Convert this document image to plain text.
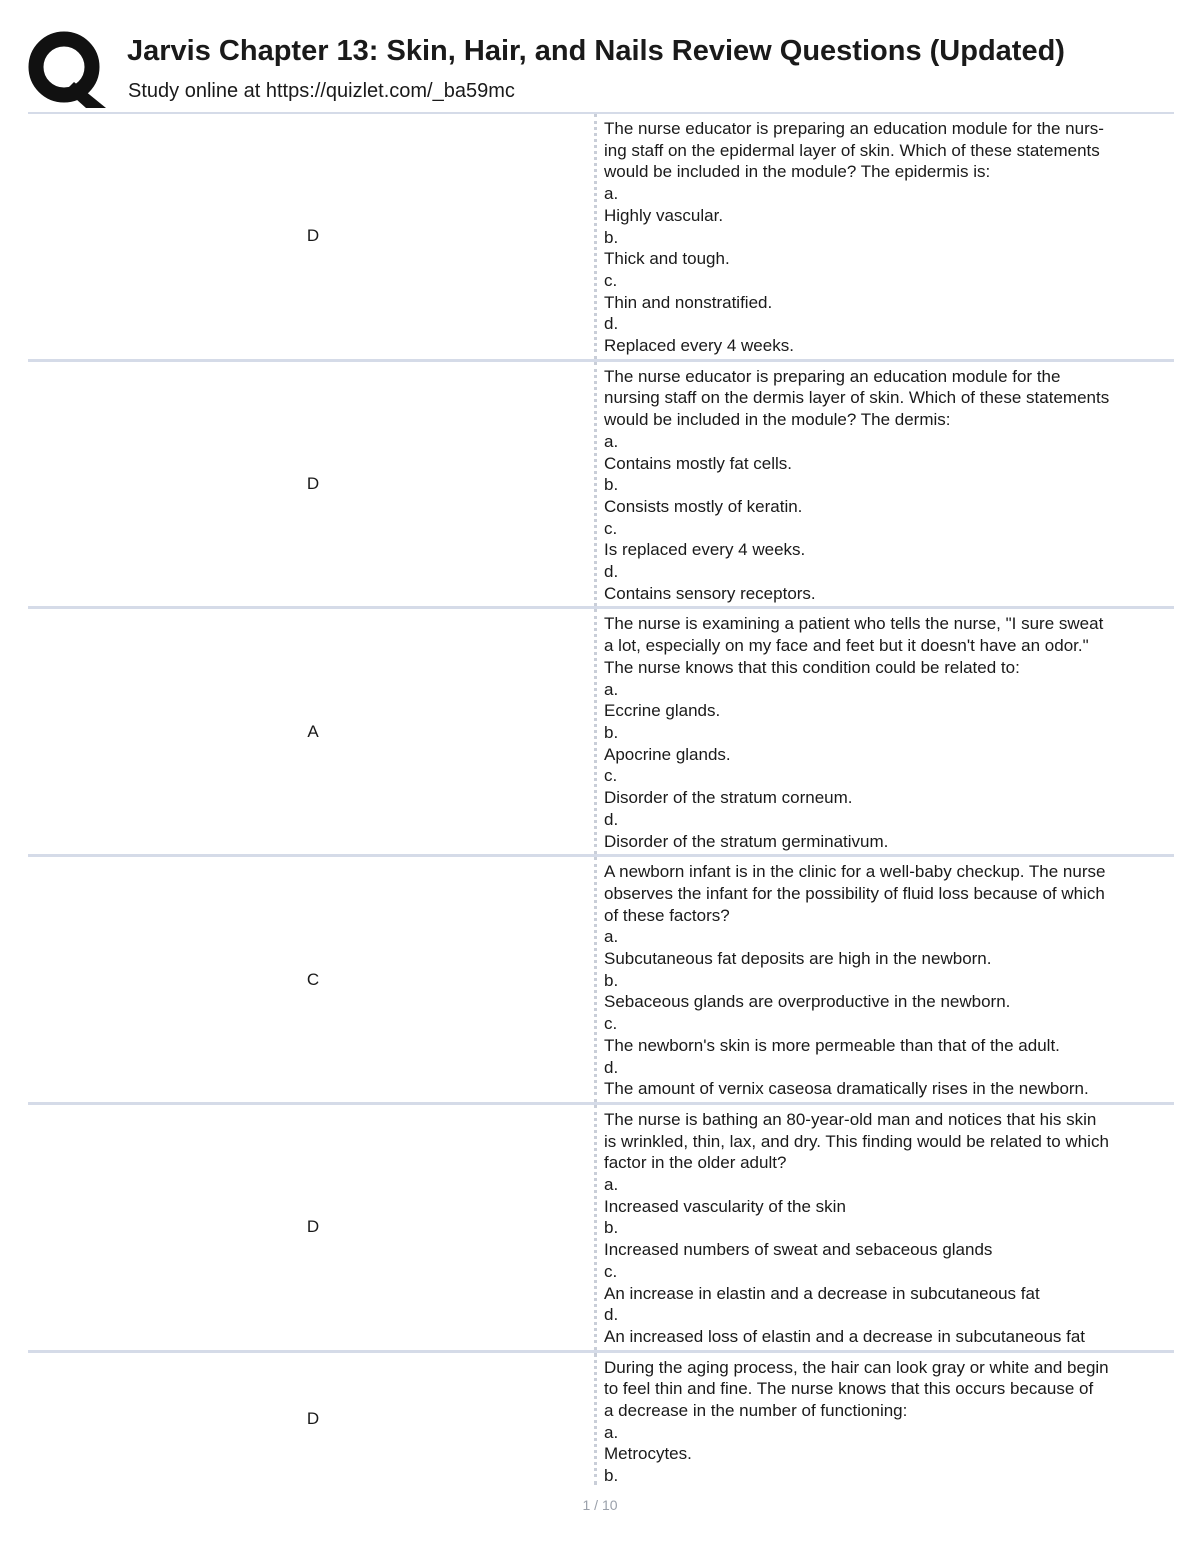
Jarvis Chapter 13: Skin, Hair, and Nails Review Questions (Updated)
Study online at https://quizlet.com/_ba59mc
D
The nurse educator is preparing an education module for the nurs-
ing staff on the epidermal layer of skin. Which of these statements
would be included in the module? The epidermis is:
a.
Highly vascular.
b.
Thick and tough.
c.
Thin and nonstratified.
d.
Replaced every 4 weeks.
D
The nurse educator is preparing an education module for the
nursing staff on the dermis layer of skin. Which of these statements
would be included in the module? The dermis:
a.
Contains mostly fat cells.
b.
Consists mostly of keratin.
c.
Is replaced every 4 weeks.
d.
Contains sensory receptors.
A
The nurse is examining a patient who tells the nurse, "I sure sweat
a lot, especially on my face and feet but it doesn't have an odor."
The nurse knows that this condition could be related to:
a.
Eccrine glands.
b.
Apocrine glands.
c.
Disorder of the stratum corneum.
d.
Disorder of the stratum germinativum.
C
A newborn infant is in the clinic for a well-baby checkup. The nurse
observes the infant for the possibility of fluid loss because of which
of these factors?
a.
Subcutaneous fat deposits are high in the newborn.
b.
Sebaceous glands are overproductive in the newborn.
c.
The newborn's skin is more permeable than that of the adult.
d.
The amount of vernix caseosa dramatically rises in the newborn.
D
The nurse is bathing an 80-year-old man and notices that his skin
is wrinkled, thin, lax, and dry. This finding would be related to which
factor in the older adult?
a.
Increased vascularity of the skin
b.
Increased numbers of sweat and sebaceous glands
c.
An increase in elastin and a decrease in subcutaneous fat
d.
An increased loss of elastin and a decrease in subcutaneous fat
D
During the aging process, the hair can look gray or white and begin
to feel thin and fine. The nurse knows that this occurs because of
a decrease in the number of functioning:
a.
Metrocytes.
b.
1 / 10
